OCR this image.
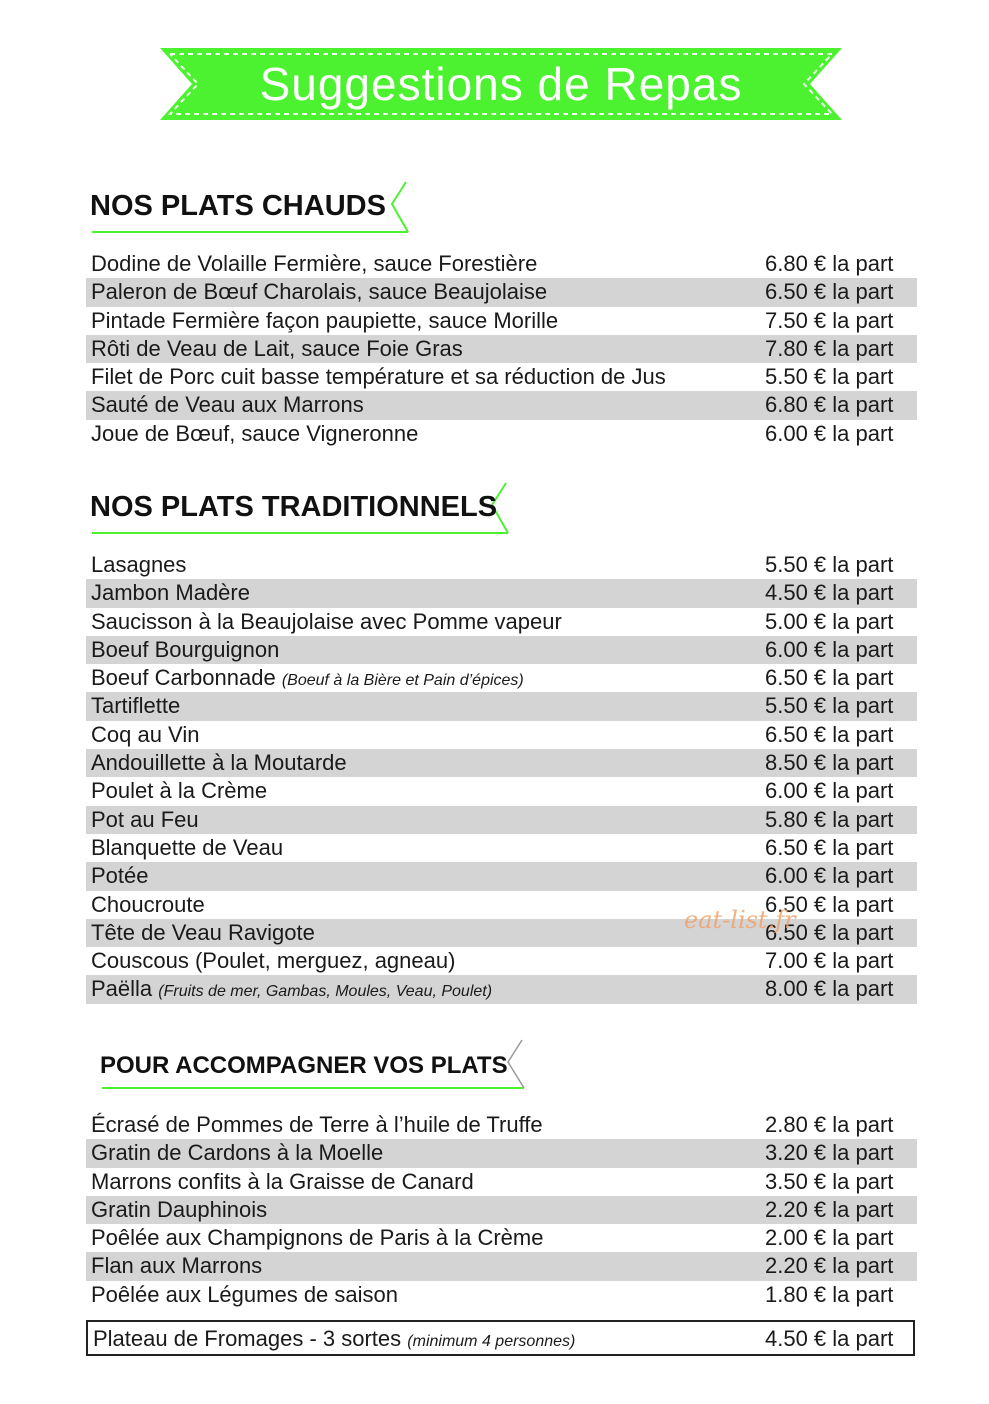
Suggestions de Repas
NOS PLATS CHAUDS
Dodine de Volaille Fermière, sauce Forestière	6.80 € la part
Paleron de Bœuf Charolais, sauce Beaujolaise	6.50 € la part
Pintade Fermière façon paupiette, sauce Morille	7.50 € la part
Rôti de Veau de Lait, sauce Foie Gras	7.80 € la part
Filet de Porc cuit basse température et sa réduction de Jus	5.50 € la part
Sauté de Veau aux Marrons	6.80 € la part
Joue de Bœuf, sauce Vigneronne	6.00 € la part
NOS PLATS TRADITIONNELS
Lasagnes	5.50 € la part
Jambon Madère	4.50 € la part
Saucisson à la Beaujolaise avec Pomme vapeur	5.00 € la part
Boeuf Bourguignon	6.00 € la part
Boeuf Carbonnade (Boeuf à la Bière et Pain d’épices)	6.50 € la part
Tartiflette	5.50 € la part
Coq au Vin	6.50 € la part
Andouillette à la Moutarde	8.50 € la part
Poulet à la Crème	6.00 € la part
Pot au Feu	5.80 € la part
Blanquette de Veau	6.50 € la part
Potée	6.00 € la part
Choucroute	6.50 € la part
Tête de Veau Ravigote	6.50 € la part
Couscous (Poulet, merguez, agneau)	7.00 € la part
Paëlla (Fruits de mer, Gambas, Moules, Veau, Poulet)	8.00 € la part
POUR ACCOMPAGNER VOS PLATS
Écrasé de Pommes de Terre à l’huile de Truffe	2.80 € la part
Gratin de Cardons à la Moelle	3.20 € la part
Marrons confits à la Graisse de Canard	3.50 € la part
Gratin Dauphinois	2.20 € la part
Poêlée aux Champignons de Paris à la Crème	2.00 € la part
Flan aux Marrons	2.20 € la part
Poêlée aux Légumes de saison	1.80 € la part
Plateau de Fromages - 3 sortes (minimum 4 personnes)	4.50 € la part
eat-list.fr
